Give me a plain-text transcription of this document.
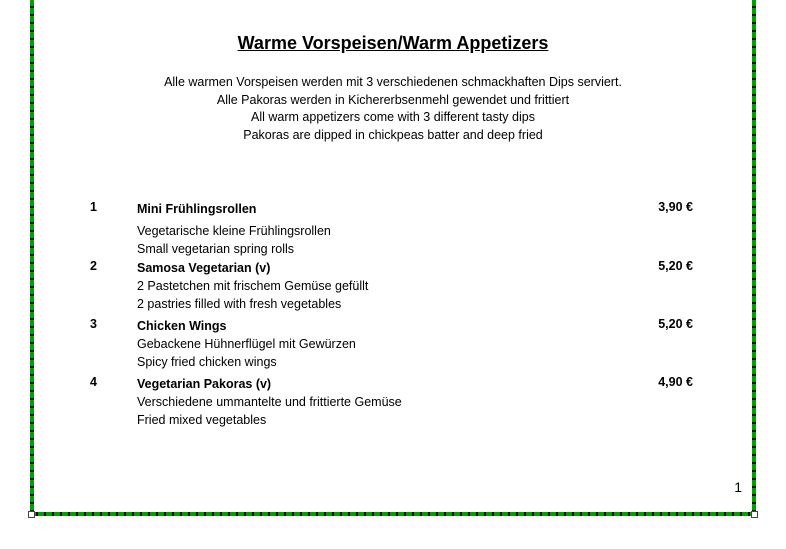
Warme Vorspeisen/Warm Appetizers
Alle warmen Vorspeisen werden mit 3 verschiedenen schmackhaften Dips serviert.
Alle Pakoras werden in Kichererbsenmehl gewendet und frittiert
All warm appetizers come with 3 different tasty dips
Pakoras are dipped in chickpeas batter and deep fried
1	Mini Frühlingsrollen
Vegetarische kleine Frühlingsrollen
Small vegetarian spring rolls
3,90 €
2	Samosa Vegetarian (v)
2 Pastetchen mit frischem Gemüse gefüllt
2 pastries filled with fresh vegetables
5,20 €
3	Chicken Wings
Gebackene Hühnerflügel mit Gewürzen
Spicy fried chicken wings
5,20 €
4	Vegetarian Pakoras (v)
Verschiedene ummantelte und frittierte Gemüse
Fried mixed vegetables
4,90 €
1
